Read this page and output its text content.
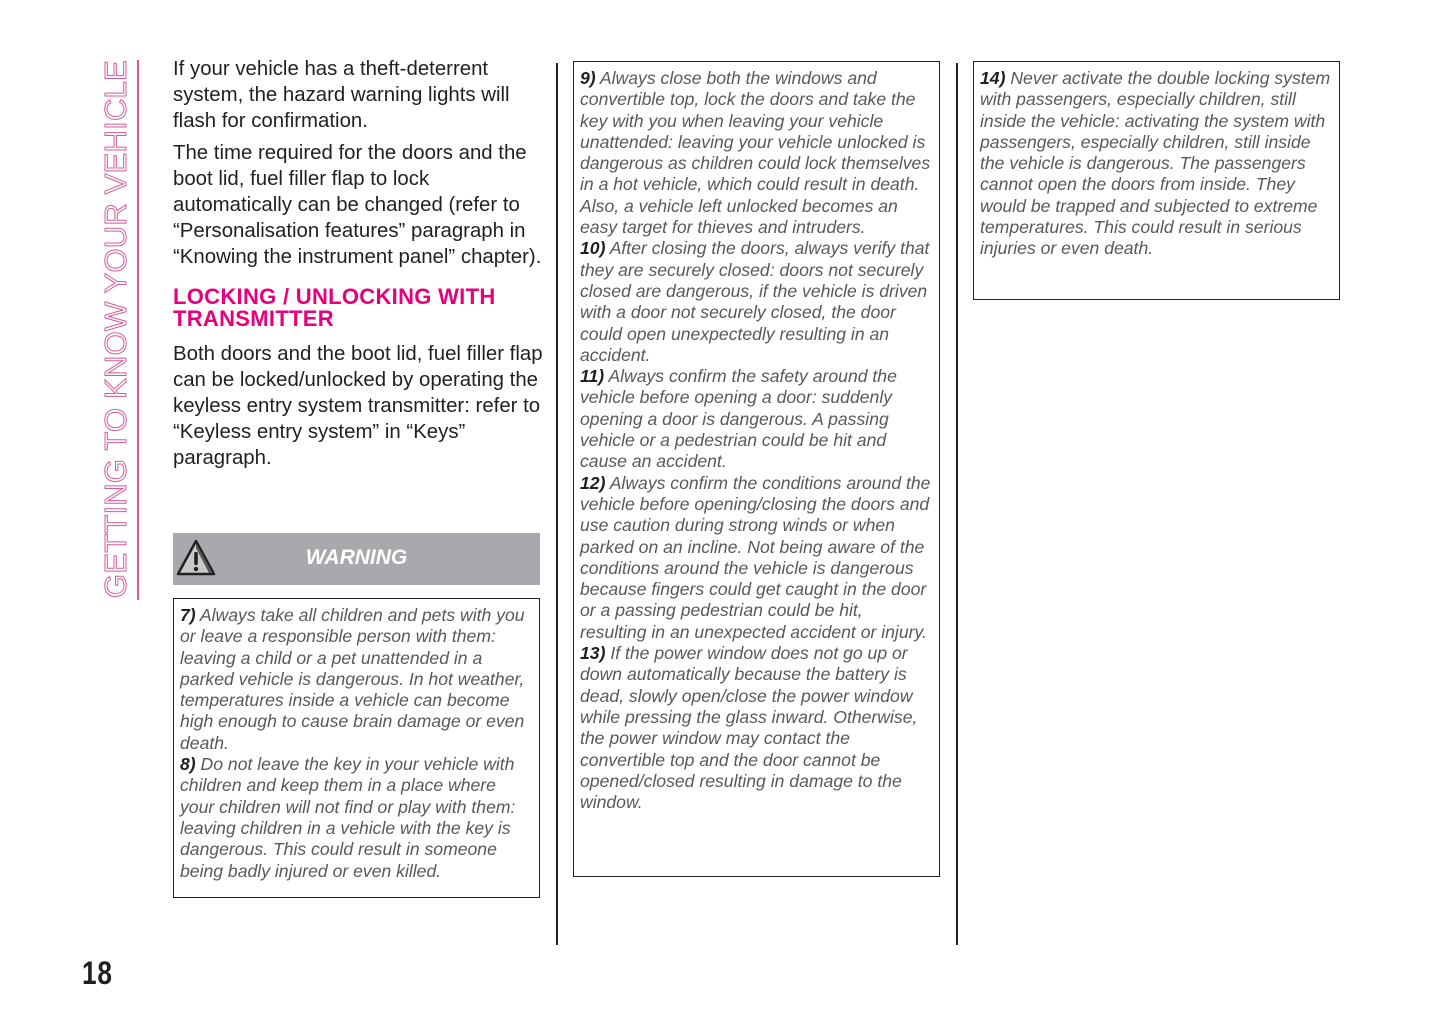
GETTING TO KNOW YOUR VEHICLE If your vehicle has a theft-deterrent system, the hazard warning lights will flash for confirmation.

The time required for the doors and the boot lid, fuel filler flap to lock automatically can be changed (refer to “Personalisation features” paragraph in “Knowing the instrument panel” chapter).

LOCKING / UNLOCKING WITH TRANSMITTER

Both doors and the boot lid, fuel filler flap can be locked/unlocked by operating the keyless entry system transmitter: refer to “Keyless entry system” in “Keys” paragraph.

WARNING

7) Always take all children and pets with you or leave a responsible person with them: leaving a child or a pet unattended in a parked vehicle is dangerous. In hot weather, temperatures inside a vehicle can become high enough to cause brain damage or even death.

8) Do not leave the key in your vehicle with children and keep them in a place where your children will not find or play with them: leaving children in a vehicle with the key is dangerous. This could result in someone being badly injured or even killed.

9) Always close both the windows and convertible top, lock the doors and take the key with you when leaving your vehicle unattended: leaving your vehicle unlocked is dangerous as children could lock themselves in a hot vehicle, which could result in death. Also, a vehicle left unlocked becomes an easy target for thieves and intruders.

10) After closing the doors, always verify that they are securely closed: doors not securely closed are dangerous, if the vehicle is driven with a door not securely closed, the door could open unexpectedly resulting in an accident.

11) Always confirm the safety around the vehicle before opening a door: suddenly opening a door is dangerous. A passing vehicle or a pedestrian could be hit and cause an accident.

12) Always confirm the conditions around the vehicle before opening/closing the doors and use caution during strong winds or when parked on an incline. Not being aware of the conditions around the vehicle is dangerous because fingers could get caught in the door or a passing pedestrian could be hit, resulting in an unexpected accident or injury.

13) If the power window does not go up or down automatically because the battery is dead, slowly open/close the power window while pressing the glass inward. Otherwise, the power window may contact the convertible top and the door cannot be opened/closed resulting in damage to the window.

14) Never activate the double locking system with passengers, especially children, still inside the vehicle: activating the system with passengers, especially children, still inside the vehicle is dangerous. The passengers cannot open the doors from inside. They would be trapped and subjected to extreme temperatures. This could result in serious injuries or even death.

18
